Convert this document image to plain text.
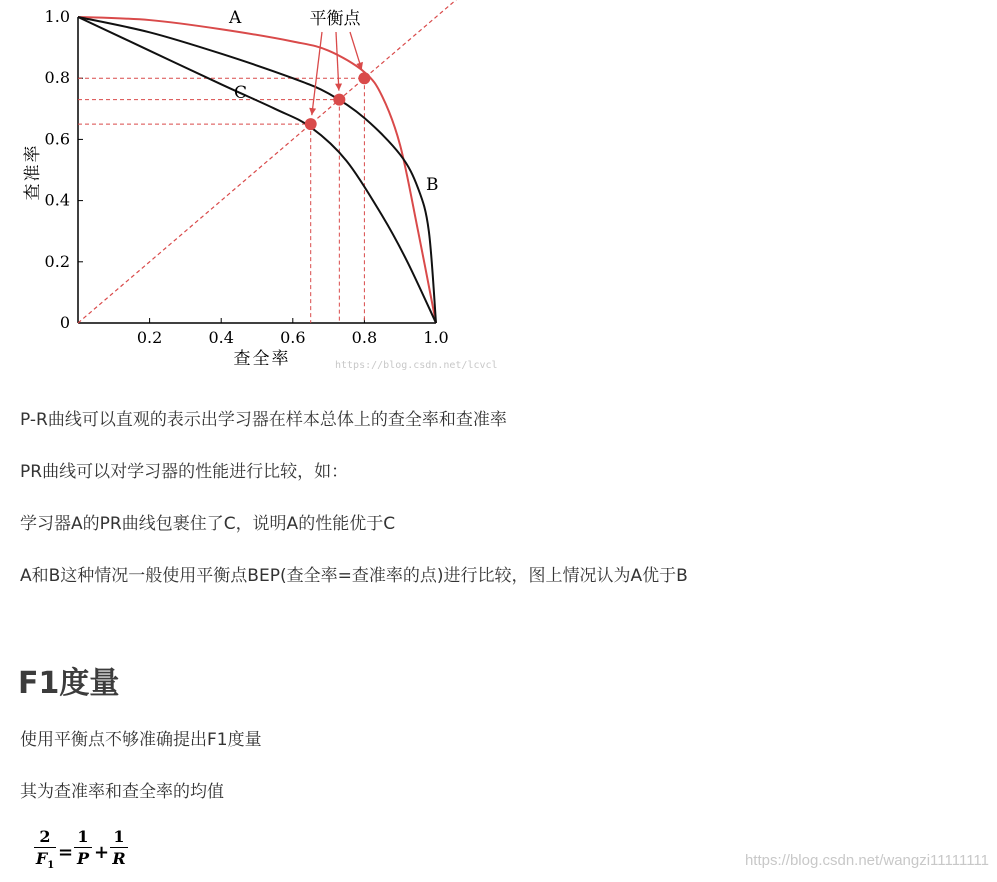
0.2	0.4	0.6	0.8	1.0
0
0.2
0.4
0.6
0.8
1.0
查全率
查准率
A
B
C
平衡点
https://blog.csdn.net/lcvcl
P-R曲线可以直观的表示出学习器在样本总体上的查全率和查准率
PR曲线可以对学习器的性能进行比较，如：
学习器A的PR曲线包裹住了C，说明A的性能优于C
A和B这种情况一般使用平衡点BEP(查全率=查准率的点)进行比较，图上情况认为A优于B
F1度量
使用平衡点不够准确提出F1度量
其为查准率和查全率的均值
2
$F_1$
=
1
P +
1
R	https://blog.csdn.net/wangzi11111111
